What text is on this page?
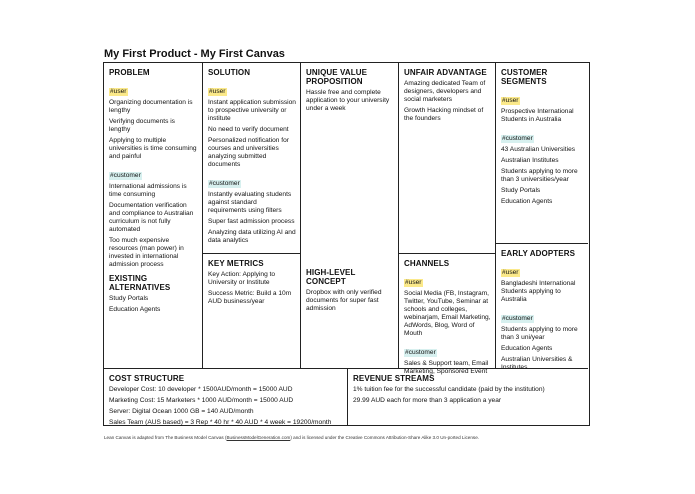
My First Product - My First Canvas
PROBLEM
#user
Organizing documentation is lengthy
Verifying documents is lengthy
Applying to multiple universities is time consuming and painful
#customer
International admissions is time consuming
Documentation verification and compliance to Australian curriculum is not fully automated
Too much expensive resources (man power) in invested in international admission process
EXISTING ALTERNATIVES
Study Portals
Education Agents
SOLUTION
#user
Instant application submission to prospective university or institute
No need to verify document
Personalized notification for courses and universities analyzing submitted documents
#customer
Instantly evaluating students against standard requirements using filters
Super fast admission process
Analyzing data utilizing AI and data analytics
KEY METRICS
Key Action: Applying to University or Institute
Success Metric: Build a 10m AUD business/year
UNIQUE VALUE PROPOSITION
Hassle free and complete application to your university under a week
HIGH-LEVEL CONCEPT
Dropbox with only verified documents for super fast admission
UNFAIR ADVANTAGE
Amazing dedicated Team of designers, developers and social marketers
Growth Hacking mindset of the founders
CHANNELS
#user
Social Media (FB, Instagram, Twitter, YouTube, Seminar at schools and colleges, webinarjam, Email Marketing, AdWords, Blog, Word of Mouth
#customer
Sales & Support team, Email Marketing, Sponsored Event
CUSTOMER SEGMENTS
#user
Prospective International Students in Australia
#customer
43 Australian Universities
Australian Institutes
Students applying to more than 3 universities/year
Study Portals
Education Agents
EARLY ADOPTERS
#user
Bangladeshi International Students applying to Australia
#customer
Students applying to more than 3 uni/year
Education Agents
Australian Universities & Institutes
COST STRUCTURE
Developer Cost: 10 developer * 1500AUD/month = 15000 AUD
Marketing Cost: 15 Marketers * 1000 AUD/month = 15000 AUD
Server: Digital Ocean 1000 GB = 140 AUD/month
Sales Team (AUS based) = 3 Rep * 40 hr * 40 AUD * 4 week = 19200/month
REVENUE STREAMS
1% tuition fee for the successful candidate (paid by the institution)
29.99 AUD each for more than 3 application a year
Lean Canvas is adapted from The Business Model Canvas (BusinessModelGeneration.com) and is licensed under the Creative Commons Attribution-Share Alike 3.0 Un-ported License.
